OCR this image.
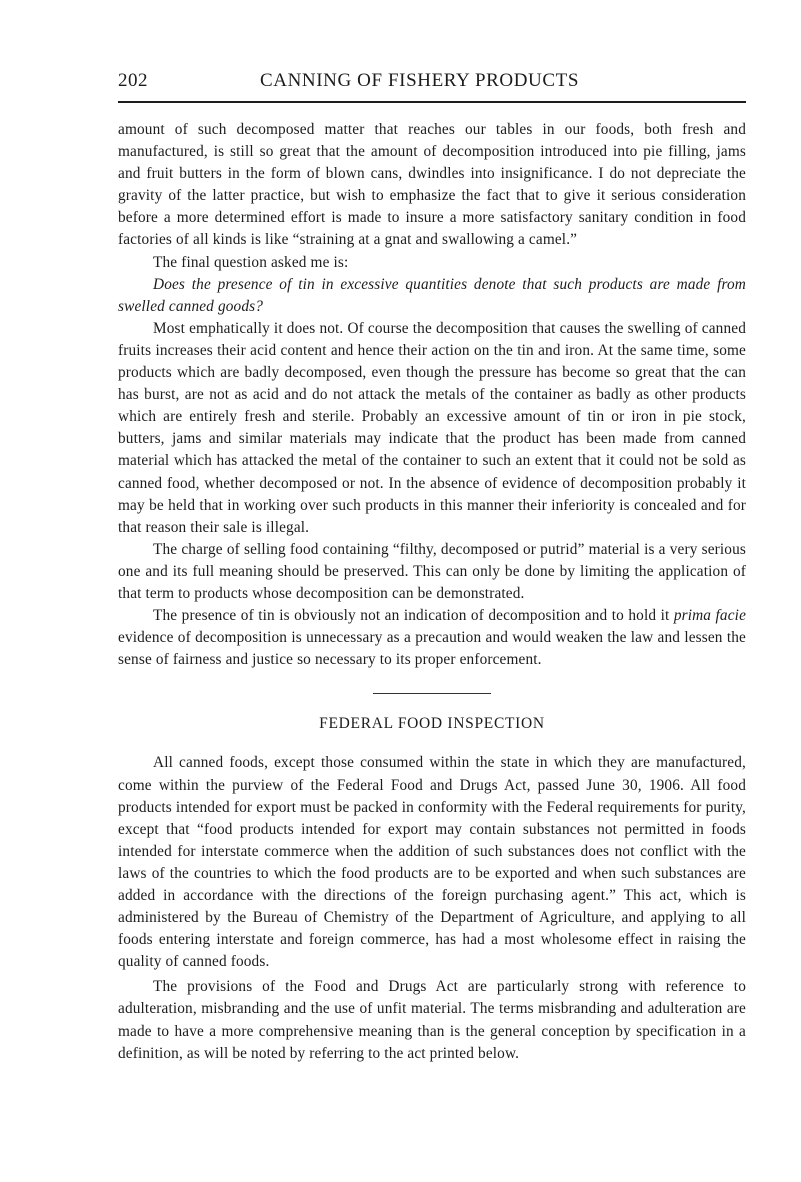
202	CANNING OF FISHERY PRODUCTS

amount of such decomposed matter that reaches our tables in our foods, both fresh and manufactured, is still so great that the amount of decomposition introduced into pie filling, jams and fruit butters in the form of blown cans, dwindles into insignificance. I do not depreciate the gravity of the latter practice, but wish to emphasize the fact that to give it serious consideration before a more determined effort is made to insure a more satisfactory sanitary condition in food factories of all kinds is like “straining at a gnat and swallowing a camel.”

The final question asked me is:

Does the presence of tin in excessive quantities denote that such products are made from swelled canned goods?

Most emphatically it does not. Of course the decomposition that causes the swelling of canned fruits increases their acid content and hence their action on the tin and iron. At the same time, some products which are badly decomposed, even though the pressure has become so great that the can has burst, are not as acid and do not attack the metals of the container as badly as other products which are entirely fresh and sterile. Probably an excessive amount of tin or iron in pie stock, butters, jams and similar materials may indicate that the product has been made from canned material which has attacked the metal of the container to such an extent that it could not be sold as canned food, whether decomposed or not. In the absence of evidence of decomposition probably it may be held that in working over such products in this manner their inferiority is concealed and for that reason their sale is illegal.

The charge of selling food containing “filthy, decomposed or putrid” material is a very serious one and its full meaning should be preserved. This can only be done by limiting the application of that term to products whose decomposition can be demonstrated.

The presence of tin is obviously not an indication of decomposition and to hold it prima facie evidence of decomposition is unnecessary as a precaution and would weaken the law and lessen the sense of fairness and justice so necessary to its proper enforcement.

FEDERAL FOOD INSPECTION

All canned foods, except those consumed within the state in which they are manufactured, come within the purview of the Federal Food and Drugs Act, passed June 30, 1906. All food products intended for export must be packed in conformity with the Federal requirements for purity, except that “food products intended for export may contain substances not permitted in foods intended for interstate commerce when the addition of such substances does not conflict with the laws of the countries to which the food products are to be exported and when such substances are added in accordance with the directions of the foreign purchasing agent.” This act, which is administered by the Bureau of Chemistry of the Department of Agriculture, and applying to all foods entering interstate and foreign commerce, has had a most wholesome effect in raising the quality of canned foods.

The provisions of the Food and Drugs Act are particularly strong with reference to adulteration, misbranding and the use of unfit material. The terms misbranding and adulteration are made to have a more comprehensive meaning than is the general conception by specification in a definition, as will be noted by referring to the act printed below.
